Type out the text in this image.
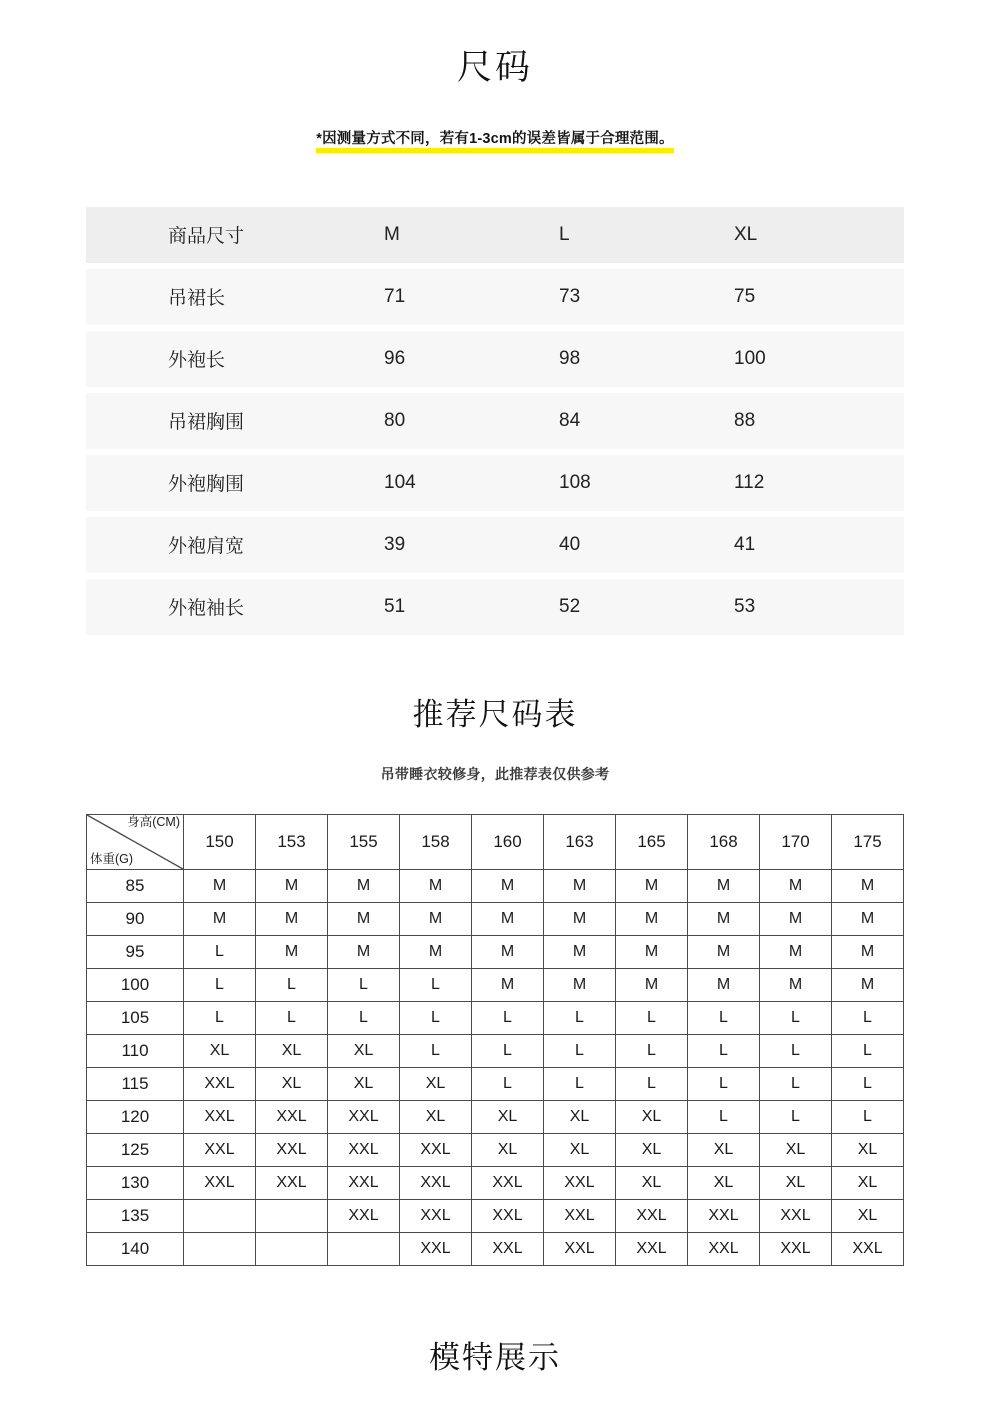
尺码
*因测量方式不同，若有1-3cm的误差皆属于合理范围。
商品尺寸	M	L	XL
吊裙长	71	73	75
外袍长	96	98	100
吊裙胸围	80	84	88
外袍胸围	104	108	112
外袍肩宽	39	40	41
外袍袖长	51	52	53
推荐尺码表

吊带睡衣较修身，此推荐表仅供参考

身高(CM)
体重(G)	150	153	155	158	160	163	165	168	170	175
85	M	M	M	M	M	M	M	M	M	M
90	M	M	M	M	M	M	M	M	M	M
95	L	M	M	M	M	M	M	M	M	M
100	L	L	L	L	M	M	M	M	M	M
105	L	L	L	L	L	L	L	L	L	L
110	XL	XL	XL	L	L	L	L	L	L	L
115	XXL	XL	XL	XL	L	L	L	L	L	L
120	XXL	XXL	XXL	XL	XL	XL	XL	L	L	L
125	XXL	XXL	XXL	XXL	XL	XL	XL	XL	XL	XL
130	XXL	XXL	XXL	XXL	XXL	XXL	XL	XL	XL	XL
135			XXL	XXL	XXL	XXL	XXL	XXL	XXL	XL
140				XXL	XXL	XXL	XXL	XXL	XXL	XXL
模特展示
